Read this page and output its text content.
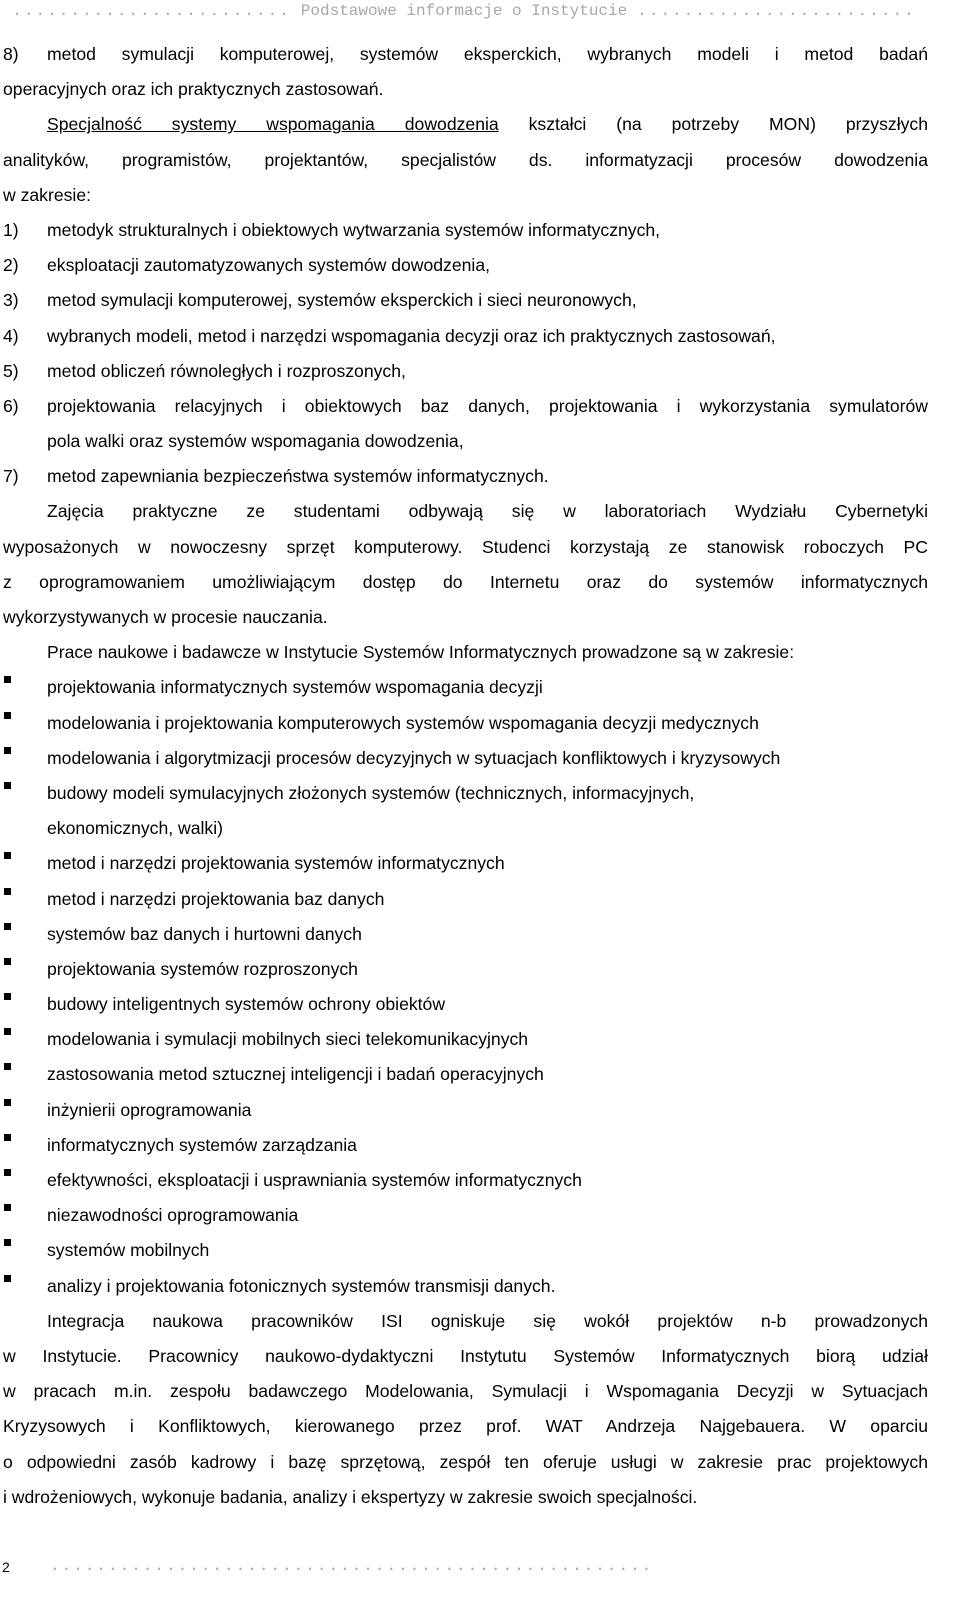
........................ Podstawowe informacje o Instytucie ........................
8) metod symulacji komputerowej, systemów eksperckich, wybranych modeli i metod badań
operacyjnych oraz ich praktycznych zastosowań.
Specjalność systemy wspomagania dowodzenia kształci (na potrzeby MON) przyszłych
analityków, programistów, projektantów, specjalistów ds. informatyzacji procesów dowodzenia
w zakresie:
1) metodyk strukturalnych i obiektowych wytwarzania systemów informatycznych,
2) eksploatacji zautomatyzowanych systemów dowodzenia,
3) metod symulacji komputerowej, systemów eksperckich i sieci neuronowych,
4) wybranych modeli, metod i narzędzi wspomagania decyzji oraz ich praktycznych zastosowań,
5) metod obliczeń równoległych i rozproszonych,
6) projektowania relacyjnych i obiektowych baz danych, projektowania i wykorzystania symulatorów
pola walki oraz systemów wspomagania dowodzenia,
7) metod zapewniania bezpieczeństwa systemów informatycznych.
Zajęcia praktyczne ze studentami odbywają się w laboratoriach Wydziału Cybernetyki
wyposażonych w nowoczesny sprzęt komputerowy. Studenci korzystają ze stanowisk roboczych PC
z oprogramowaniem umożliwiającym dostęp do Internetu oraz do systemów informatycznych
wykorzystywanych w procesie nauczania.
Prace naukowe i badawcze w Instytucie Systemów Informatycznych prowadzone są w zakresie:
projektowania informatycznych systemów wspomagania decyzji
modelowania i projektowania komputerowych systemów wspomagania decyzji medycznych
modelowania i algorytmizacji procesów decyzyjnych w sytuacjach konfliktowych i kryzysowych
budowy modeli symulacyjnych złożonych systemów (technicznych, informacyjnych,
ekonomicznych, walki)
metod i narzędzi projektowania systemów informatycznych
metod i narzędzi projektowania baz danych
systemów baz danych i hurtowni danych
projektowania systemów rozproszonych
budowy inteligentnych systemów ochrony obiektów
modelowania i symulacji mobilnych sieci telekomunikacyjnych
zastosowania metod sztucznej inteligencji i badań operacyjnych
inżynierii oprogramowania
informatycznych systemów zarządzania
efektywności, eksploatacji i usprawniania systemów informatycznych
niezawodności oprogramowania
systemów mobilnych
analizy i projektowania fotonicznych systemów transmisji danych.
Integracja naukowa pracowników ISI ogniskuje się wokół projektów n-b prowadzonych
w Instytucie. Pracownicy naukowo-dydaktyczni Instytutu Systemów Informatycznych biorą udział
w pracach m.in. zespołu badawczego Modelowania, Symulacji i Wspomagania Decyzji w Sytuacjach
Kryzysowych i Konfliktowych, kierowanego przez prof. WAT Andrzeja Najgebauera. W oparciu
o odpowiedni zasób kadrowy i bazę sprzętową, zespół ten oferuje usługi w zakresie prac projektowych
i wdrożeniowych, wykonuje badania, analizy i ekspertyzy w zakresie swoich specjalności.
2	....................................................
